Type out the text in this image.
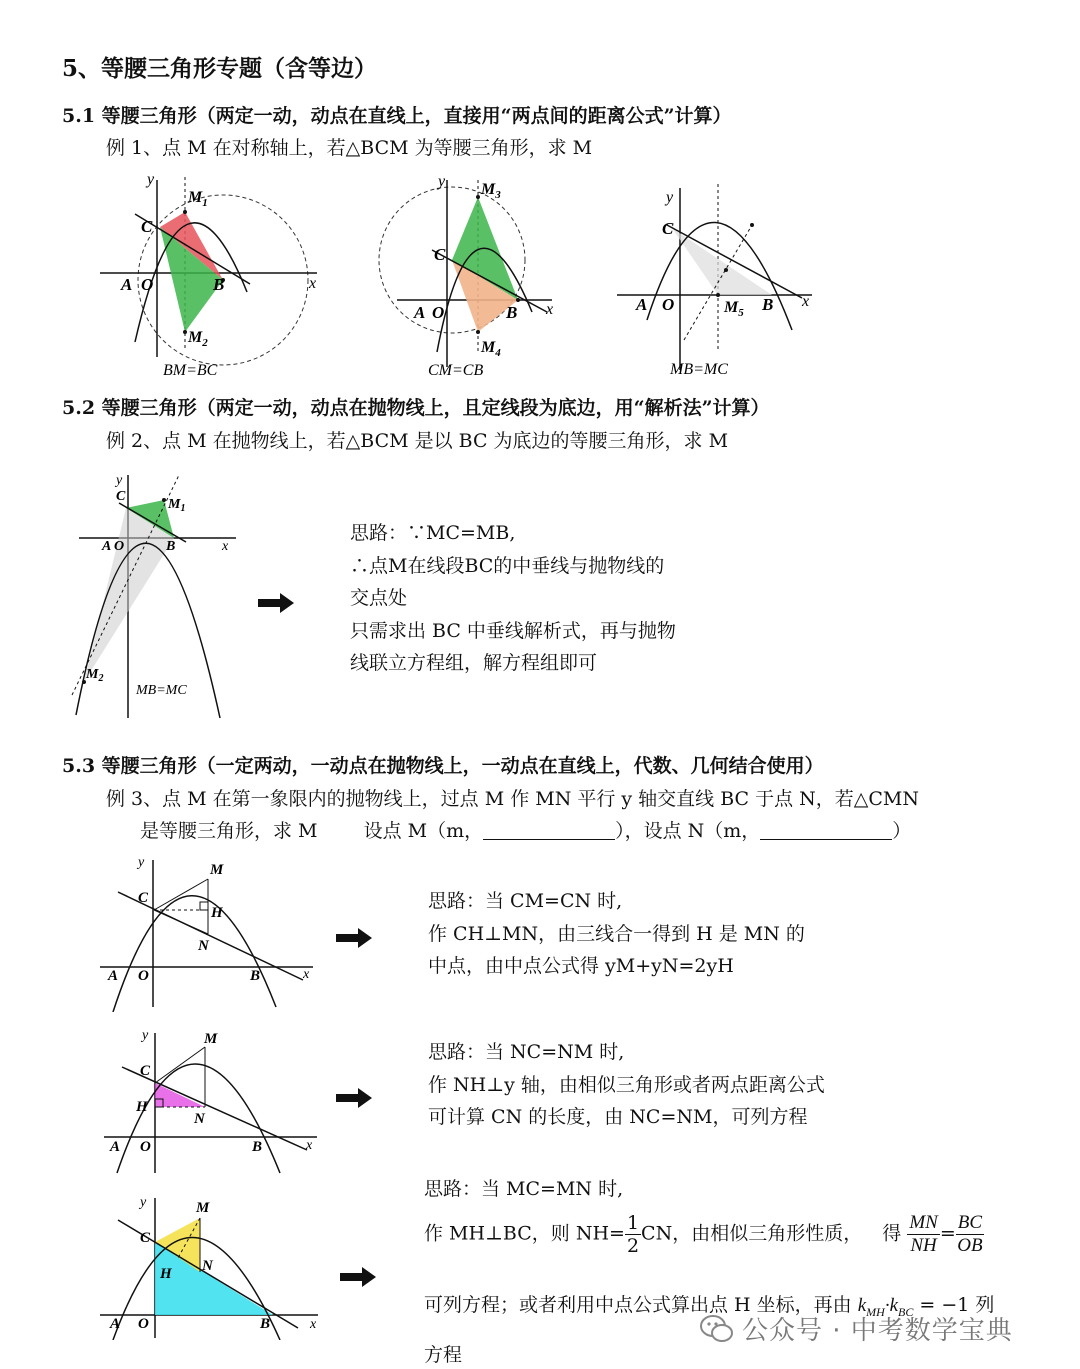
5、等腰三角形专题（含等边）
5.1 等腰三角形（两定一动，动点在直线上，直接用“两点间的距离公式”计算）
例 1、点 M 在对称轴上，若△BCM 为等腰三角形，求 M
y
x
C
A O	B
$M_1$
$M_2$
BM=BC
y
x
C
A O	B
$M_3$
$M_4$
CM=CB
y
x
C
A O	B
$M_5$
MB=MC
5.2 等腰三角形（两定一动，动点在抛物线上，且定线段为底边，用“解析法”计算）
例 2、点 M 在抛物线上，若△BCM 是以 BC 为底边的等腰三角形，求 M
y
x
C
A O	B
$M_1$
$M_2$
MB=MC
思路：∵MC=MB,
∴点M在线段BC的中垂线与抛物线的
交点处
只需求出 BC 中垂线解析式，再与抛物
线联立方程组，解方程组即可
5.3 等腰三角形（一定两动，一动点在抛物线上，一动点在直线上，代数、几何结合使用）
例 3、点 M 在第一象限内的抛物线上，过点 M 作 MN 平行 y 轴交直线 BC 于点 N，若△CMN
是等腰三角形，求 M 设点 M（m，	），设点 N（m，	）
y
x
C
A O	B
M
H
N
思路：当 CM=CN 时,
作 CH⊥MN，由三线合一得到 H 是 MN 的
中点，由中点公式得 yM+yN=2yH
y
x
C
H
A O	B
M
N
思路：当 NC=NM 时,
作 NH⊥y 轴，由相似三角形或者两点距离公式
可计算 CN 的长度，由 NC=NM，可列方程
y
x
C
H
A O	B
M
N
思路：当 MC=MN 时,
作 MH⊥BC，则 $NH= \frac{1}{2}CN$，由相似三角形性质， 得 $\frac{MN}{NH}= \frac{BC}{OB}$
可列方程；或者利用中点公式算出点 H 坐标，再由 $k_{MH}\cdot k_{BC} = -1$ 列
方程
公众号 · 中考数学宝典
